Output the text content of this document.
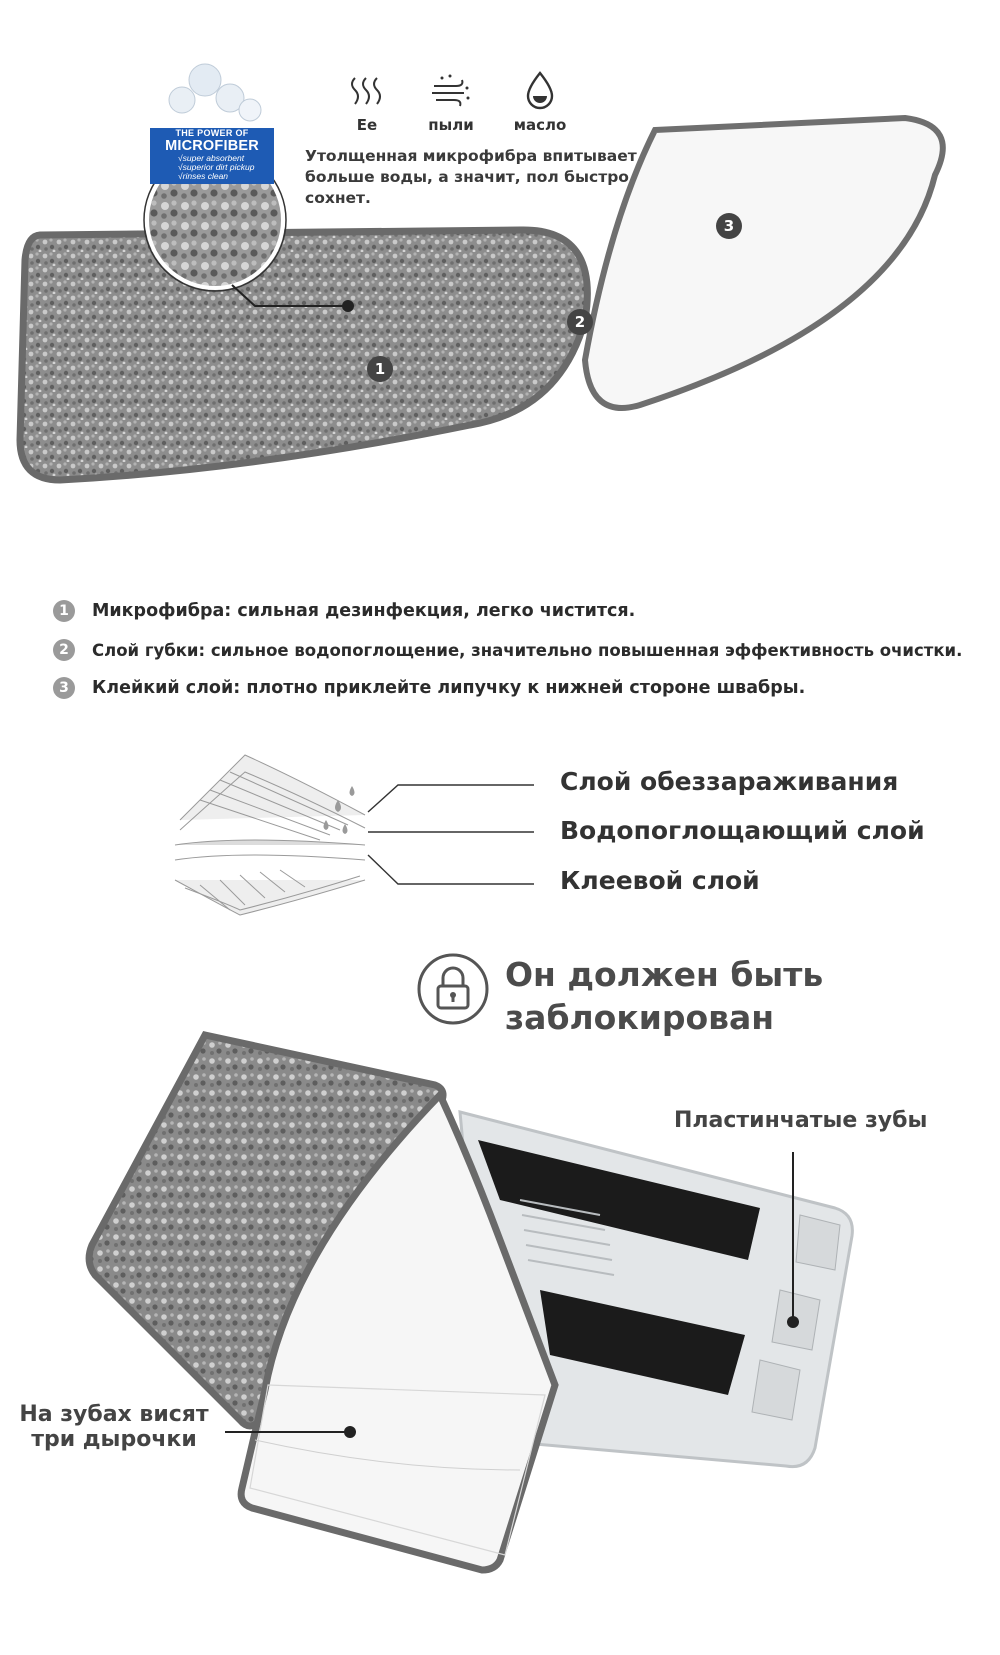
THE POWER OF
MICROFIBER
√super absorbent
√superior dirt pickup
√rinses clean
Ее	пыли	масло
Утолщенная микрофибра впитывает
больше воды, а значит, пол быстро
сохнет.
1
2
3
1	Микрофибра: сильная дезинфекция, легко чистится.
2	Слой губки: сильное водопоглощение, значительно повышенная эффективность очистки.
3	Клейкий слой: плотно приклейте липучку к нижней стороне швабры.
Слой обеззараживания
Водопоглощающий слой
Клеевой слой
Он должен быть
заблокирован
Пластинчатые зубы
На зубах висят
три дырочки
